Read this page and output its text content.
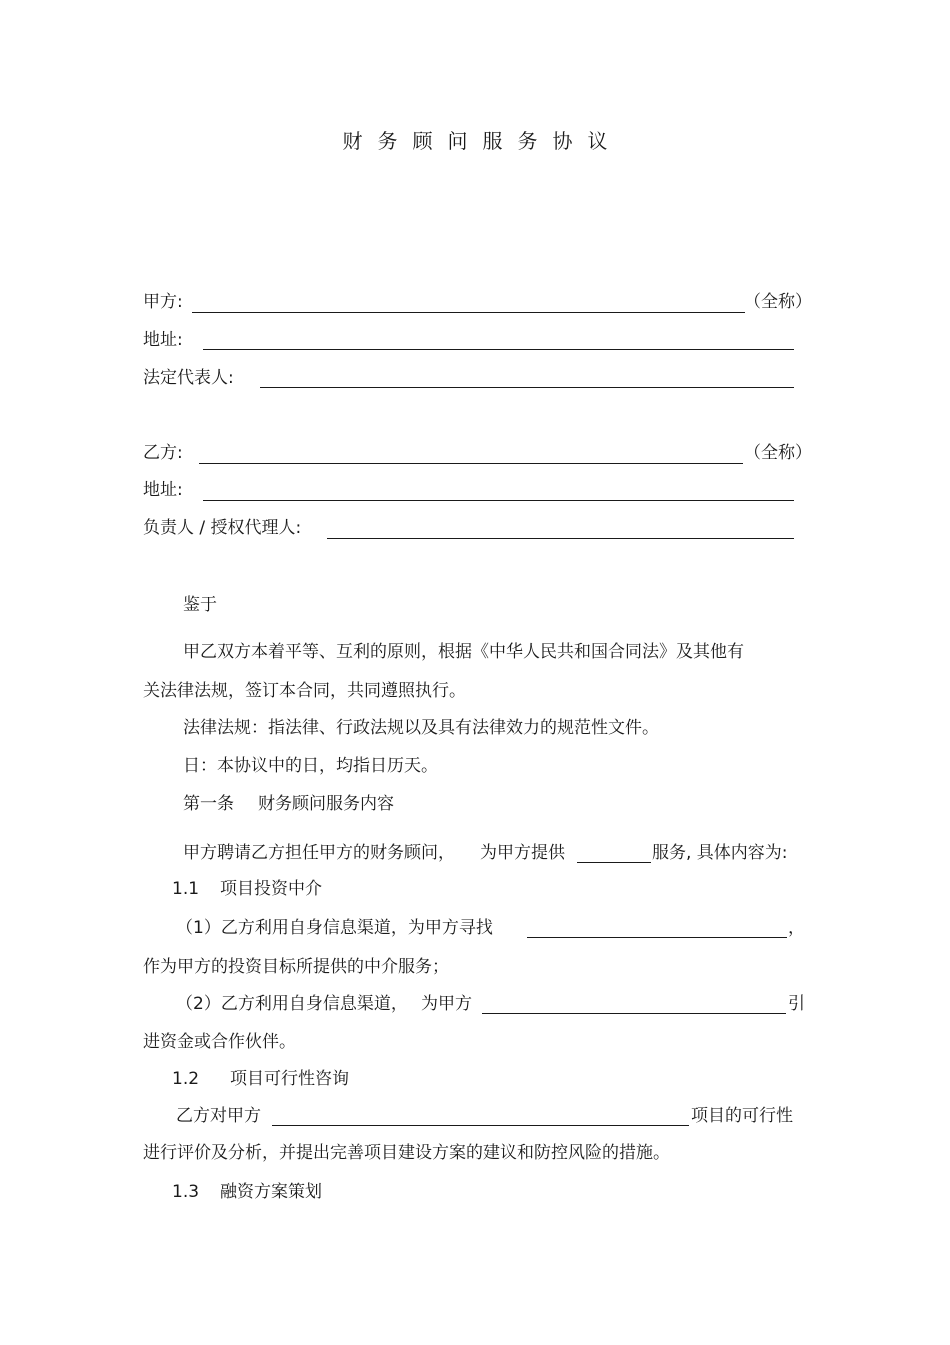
财务顾问服务协议
甲方:	（全称）
地址:
法定代表人:
乙方:	（全称）
地址:
负责人 / 授权代理人:
鉴于
甲乙双方本着平等、互利的原则，根据《中华人民共和国合同法》及其他有
关法律法规，签订本合同，共同遵照执行。
法律法规：指法律、行政法规以及具有法律效力的规范性文件。
日：本协议中的日，均指日历天。
第一条 财务顾问服务内容
甲方聘请乙方担任甲方的财务顾问， 为甲方提供	服务, 具体内容为:
1.1 项目投资中介
（1）乙方利用自身信息渠道，为甲方寻找	，
作为甲方的投资目标所提供的中介服务；
（2）乙方利用自身信息渠道， 为甲方	引
进资金或合作伙伴。
1.2 项目可行性咨询
乙方对甲方	项目的可行性
进行评价及分析，并提出完善项目建设方案的建议和防控风险的措施。
1.3 融资方案策划
